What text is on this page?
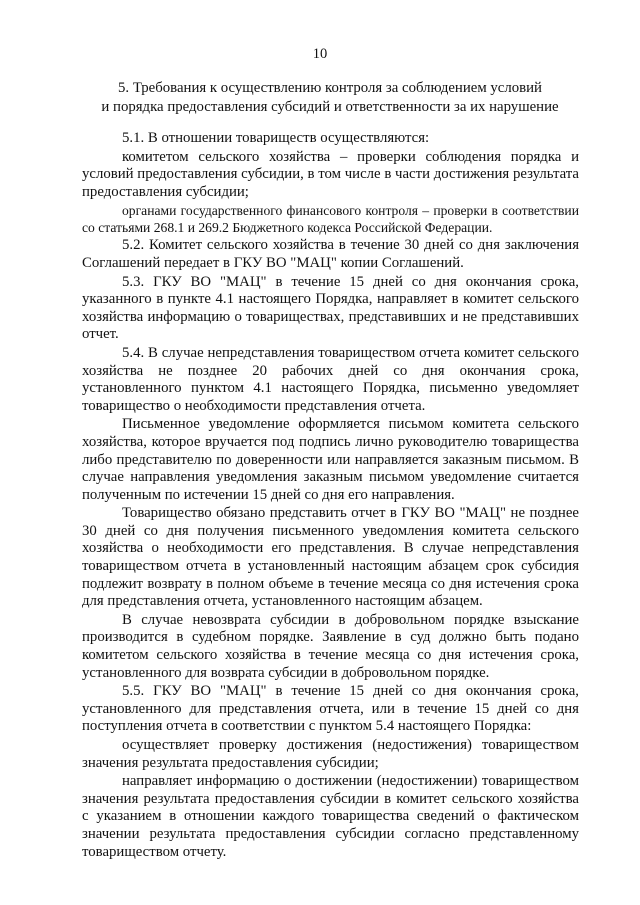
10
5. Требования к осуществлению контроля за соблюдением условий
и порядка предоставления субсидий и ответственности за их нарушение

5.1. В отношении товариществ осуществляются:

комитетом сельского хозяйства – проверки соблюдения порядка и условий предоставления субсидии, в том числе в части достижения результата предоставления субсидии;

органами государственного финансового контроля – проверки в соответствии со статьями 268.1 и 269.2 Бюджетного кодекса Российской Федерации.

5.2. Комитет сельского хозяйства в течение 30 дней со дня заключения Соглашений передает в ГКУ ВО "МАЦ" копии Соглашений.

5.3. ГКУ ВО "МАЦ" в течение 15 дней со дня окончания срока, указанного в пункте 4.1 настоящего Порядка, направляет в комитет сельского хозяйства информацию о товариществах, представивших и не представивших отчет.

5.4. В случае непредставления товариществом отчета комитет сельского хозяйства не позднее 20 рабочих дней со дня окончания срока, установленного пунктом 4.1 настоящего Порядка, письменно уведомляет товарищество о необходимости представления отчета.

Письменное уведомление оформляется письмом комитета сельского хозяйства, которое вручается под подпись лично руководителю товарищества либо представителю по доверенности или направляется заказным письмом. В случае направления уведомления заказным письмом уведомление считается полученным по истечении 15 дней со дня его направления.

Товарищество обязано представить отчет в ГКУ ВО "МАЦ" не позднее 30 дней со дня получения письменного уведомления комитета сельского хозяйства о необходимости его представления. В случае непредставления товариществом отчета в установленный настоящим абзацем срок субсидия подлежит возврату в полном объеме в течение месяца со дня истечения срока для представления отчета, установленного настоящим абзацем.

В случае невозврата субсидии в добровольном порядке взыскание производится в судебном порядке. Заявление в суд должно быть подано комитетом сельского хозяйства в течение месяца со дня истечения срока, установленного для возврата субсидии в добровольном порядке.

5.5. ГКУ ВО "МАЦ" в течение 15 дней со дня окончания срока, установленного для представления отчета, или в течение 15 дней со дня поступления отчета в соответствии с пунктом 5.4 настоящего Порядка:

осуществляет проверку достижения (недостижения) товариществом значения результата предоставления субсидии;

направляет информацию о достижении (недостижении) товариществом значения результата предоставления субсидии в комитет сельского хозяйства с указанием в отношении каждого товарищества сведений о фактическом значении результата предоставления субсидии согласно представленному товариществом отчету.
